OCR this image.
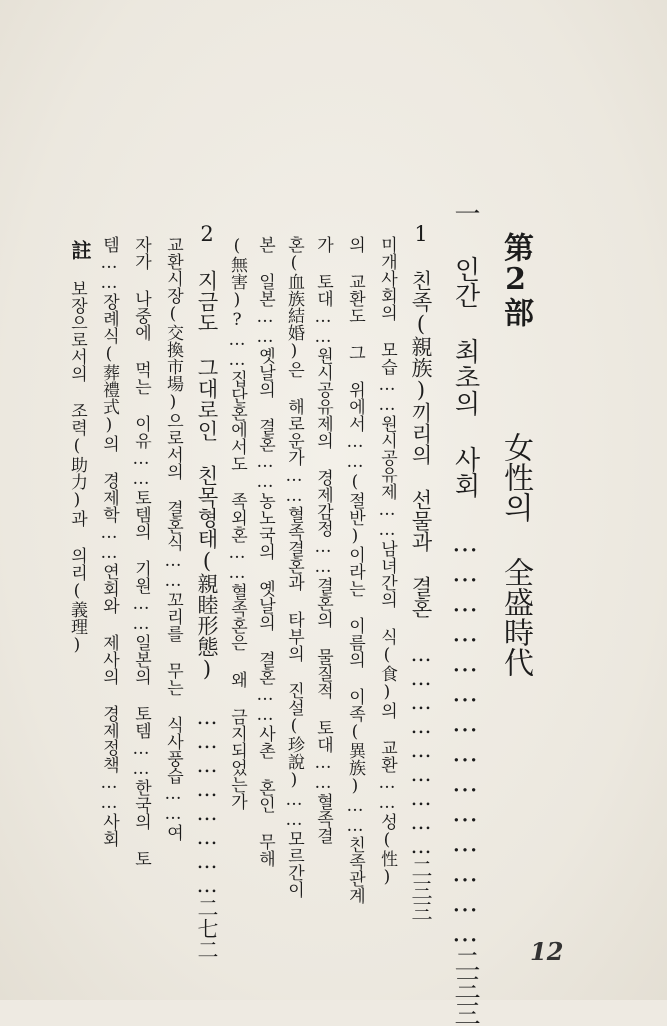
第2部   女性의 全盛時代
一 인간 최초의 사회 ……………………………………二三三
1 친족(親族)끼리의 선물과 결혼 ………………………二三三
미개사회의 모습……원시공유제……남녀간의 식(食)의 교환……성(性)
의 교환도 그 위에서……(절반)이라는 이름의 이족(異族)……친족관계
가 토대……원시공유제의 경제감정……결혼의 물질적 토대……혈족결
혼(血族結婚)은 해로운가……혈족결혼과 타부의 진설(珍說)……모르간이
본 일본……옛날의 결혼……농노국의 옛날의 결혼……사촌 혼인 무해
2 지금도 그대로인 친목형태(親睦形態) ……………………二七二
교환시장(交換市場)으로서의 결혼식……꼬리를 무는 식사풍습……여
자가 나중에 먹는 이유……토템의 기원……일본의 토템……한국의 토
템……장례식(葬禮式)의 경제학……연회와 제사의 경제정책……사회
보장으로서의 조력(助力)과 의리(義理)
註
12
(無害)?……집단혼에서도 족외혼……혈족혼은 왜 금지되었는가
